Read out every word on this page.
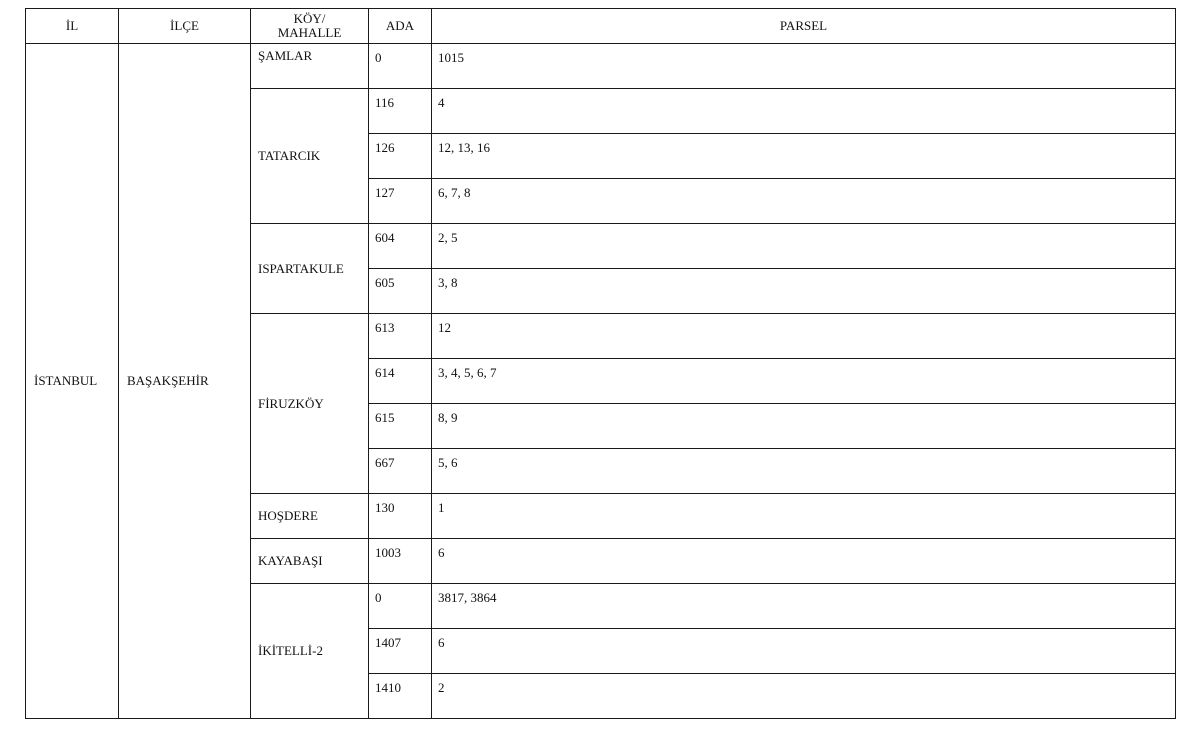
İL	İLÇE	KÖY/
MAHALLE	ADA	PARSEL
İSTANBUL	BAŞAKŞEHİR	ŞAMLAR	0	1015
		TATARCIK	116	4
			126	12, 13, 16
			127	6, 7, 8
		ISPARTAKULE	604	2, 5
			605	3, 8
		FİRUZKÖY	613	12
			614	3, 4, 5, 6, 7
			615	8, 9
			667	5, 6
		HOŞDERE	130	1
		KAYABAŞI	1003	6
		İKİTELLİ-2	0	3817, 3864
			1407	6
			1410	2
